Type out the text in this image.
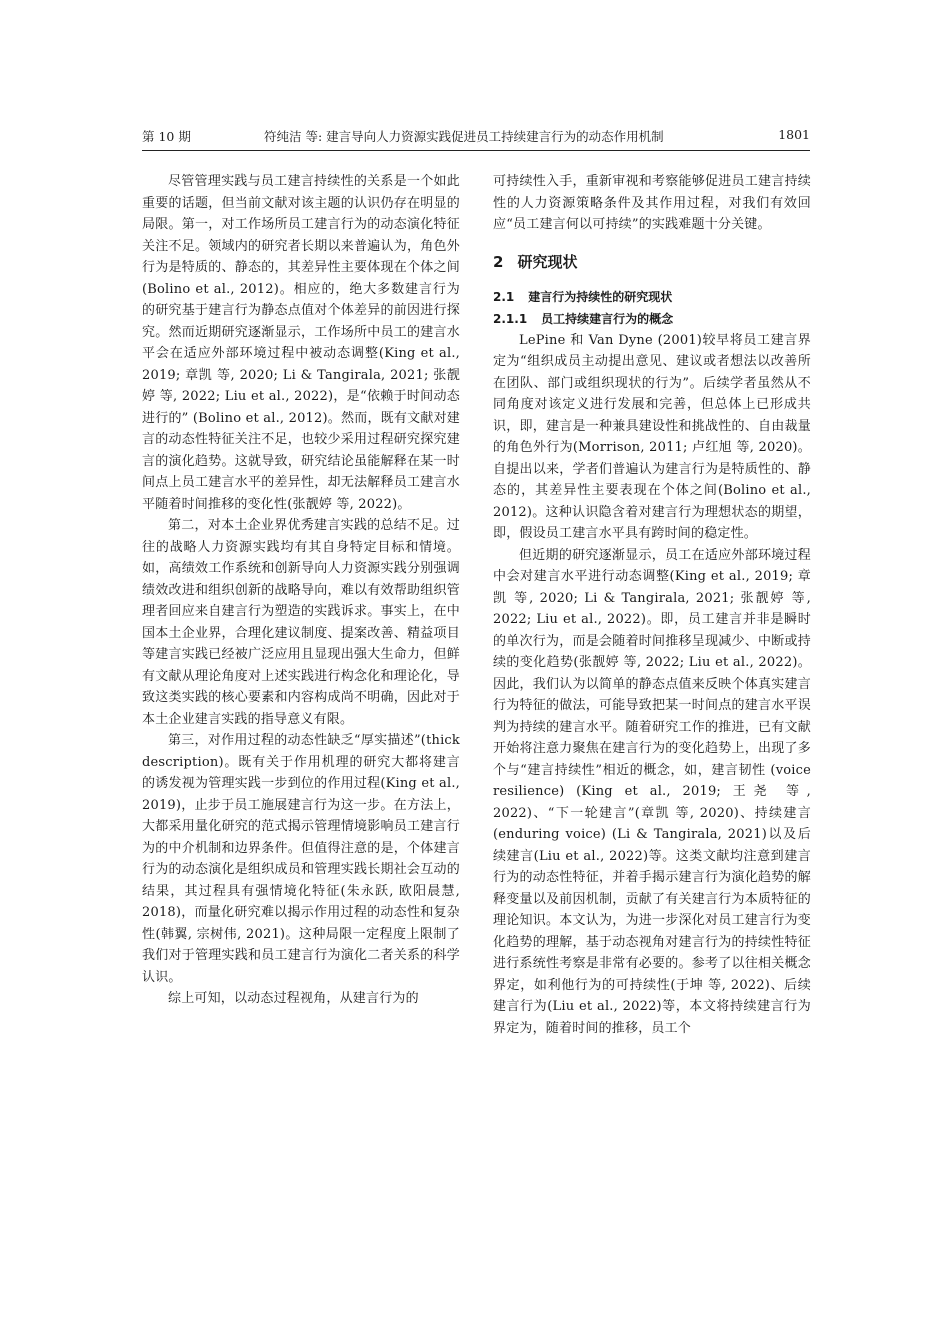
第 10 期	符纯洁 等: 建言导向人力资源实践促进员工持续建言行为的动态作用机制	1801

尽管管理实践与员工建言持续性的关系是一个如此重要的话题，但当前文献对该主题的认识仍存在明显的局限。第一，对工作场所员工建言行为的动态演化特征关注不足。领域内的研究者长期以来普遍认为，角色外行为是特质的、静态的，其差异性主要体现在个体之间(Bolino et al., 2012)。相应的，绝大多数建言行为的研究基于建言行为静态点值对个体差异的前因进行探究。然而近期研究逐渐显示，工作场所中员工的建言水平会在适应外部环境过程中被动态调整(King et al., 2019; 章凯 等, 2020; Li & Tangirala, 2021; 张靓婷 等, 2022; Liu et al., 2022)，是“依赖于时间动态进行的” (Bolino et al., 2012)。然而，既有文献对建言的动态性特征关注不足，也较少采用过程研究探究建言的演化趋势。这就导致，研究结论虽能解释在某一时间点上员工建言水平的差异性，却无法解释员工建言水平随着时间推移的变化性(张靓婷 等, 2022)。

第二，对本土企业界优秀建言实践的总结不足。过往的战略人力资源实践均有其自身特定目标和情境。如，高绩效工作系统和创新导向人力资源实践分别强调绩效改进和组织创新的战略导向，难以有效帮助组织管理者回应来自建言行为塑造的实践诉求。事实上，在中国本土企业界，合理化建议制度、提案改善、精益项目等建言实践已经被广泛应用且显现出强大生命力，但鲜有文献从理论角度对上述实践进行构念化和理论化，导致这类实践的核心要素和内容构成尚不明确，因此对于本土企业建言实践的指导意义有限。

第三，对作用过程的动态性缺乏“厚实描述”(thick description)。既有关于作用机理的研究大都将建言的诱发视为管理实践一步到位的作用过程(King et al., 2019)，止步于员工施展建言行为这一步。在方法上，大都采用量化研究的范式揭示管理情境影响员工建言行为的中介机制和边界条件。但值得注意的是，个体建言行为的动态演化是组织成员和管理实践长期社会互动的结果，其过程具有强情境化特征(朱永跃, 欧阳晨慧, 2018)，而量化研究难以揭示作用过程的动态性和复杂性(韩翼, 宗树伟, 2021)。这种局限一定程度上限制了我们对于管理实践和员工建言行为演化二者关系的科学认识。

综上可知，以动态过程视角，从建言行为的

可持续性入手，重新审视和考察能够促进员工建言持续性的人力资源策略条件及其作用过程，对我们有效回应“员工建言何以可持续”的实践难题十分关键。

2 研究现状
2.1 建言行为持续性的研究现状
2.1.1 员工持续建言行为的概念

LePine 和 Van Dyne (2001)较早将员工建言界定为“组织成员主动提出意见、建议或者想法以改善所在团队、部门或组织现状的行为”。后续学者虽然从不同角度对该定义进行发展和完善，但总体上已形成共识，即，建言是一种兼具建设性和挑战性的、自由裁量的角色外行为(Morrison, 2011; 卢红旭 等, 2020)。自提出以来，学者们普遍认为建言行为是特质性的、静态的，其差异性主要表现在个体之间(Bolino et al., 2012)。这种认识隐含着对建言行为理想状态的期望，即，假设员工建言水平具有跨时间的稳定性。

但近期的研究逐渐显示，员工在适应外部环境过程中会对建言水平进行动态调整(King et al., 2019; 章凯 等, 2020; Li & Tangirala, 2021; 张靓婷 等, 2022; Liu et al., 2022)。即，员工建言并非是瞬时的单次行为，而是会随着时间推移呈现减少、中断或持续的变化趋势(张靓婷 等, 2022; Liu et al., 2022)。因此，我们认为以简单的静态点值来反映个体真实建言行为特征的做法，可能导致把某一时间点的建言水平误判为持续的建言水平。随着研究工作的推进，已有文献开始将注意力聚焦在建言行为的变化趋势上，出现了多个与“建言持续性”相近的概念，如，建言韧性 (voice resilience) (King et al., 2019; 王尧 等, 2022)、“下一轮建言”(章凯 等, 2020)、持续建言(enduring voice) (Li & Tangirala, 2021)以及后续建言(Liu et al., 2022)等。这类文献均注意到建言行为的动态性特征，并着手揭示建言行为演化趋势的解释变量以及前因机制，贡献了有关建言行为本质特征的理论知识。本文认为，为进一步深化对员工建言行为变化趋势的理解，基于动态视角对建言行为的持续性特征进行系统性考察是非常有必要的。参考了以往相关概念界定，如利他行为的可持续性(于坤 等, 2022)、后续建言行为(Liu et al., 2022)等，本文将持续建言行为界定为，随着时间的推移，员工个
